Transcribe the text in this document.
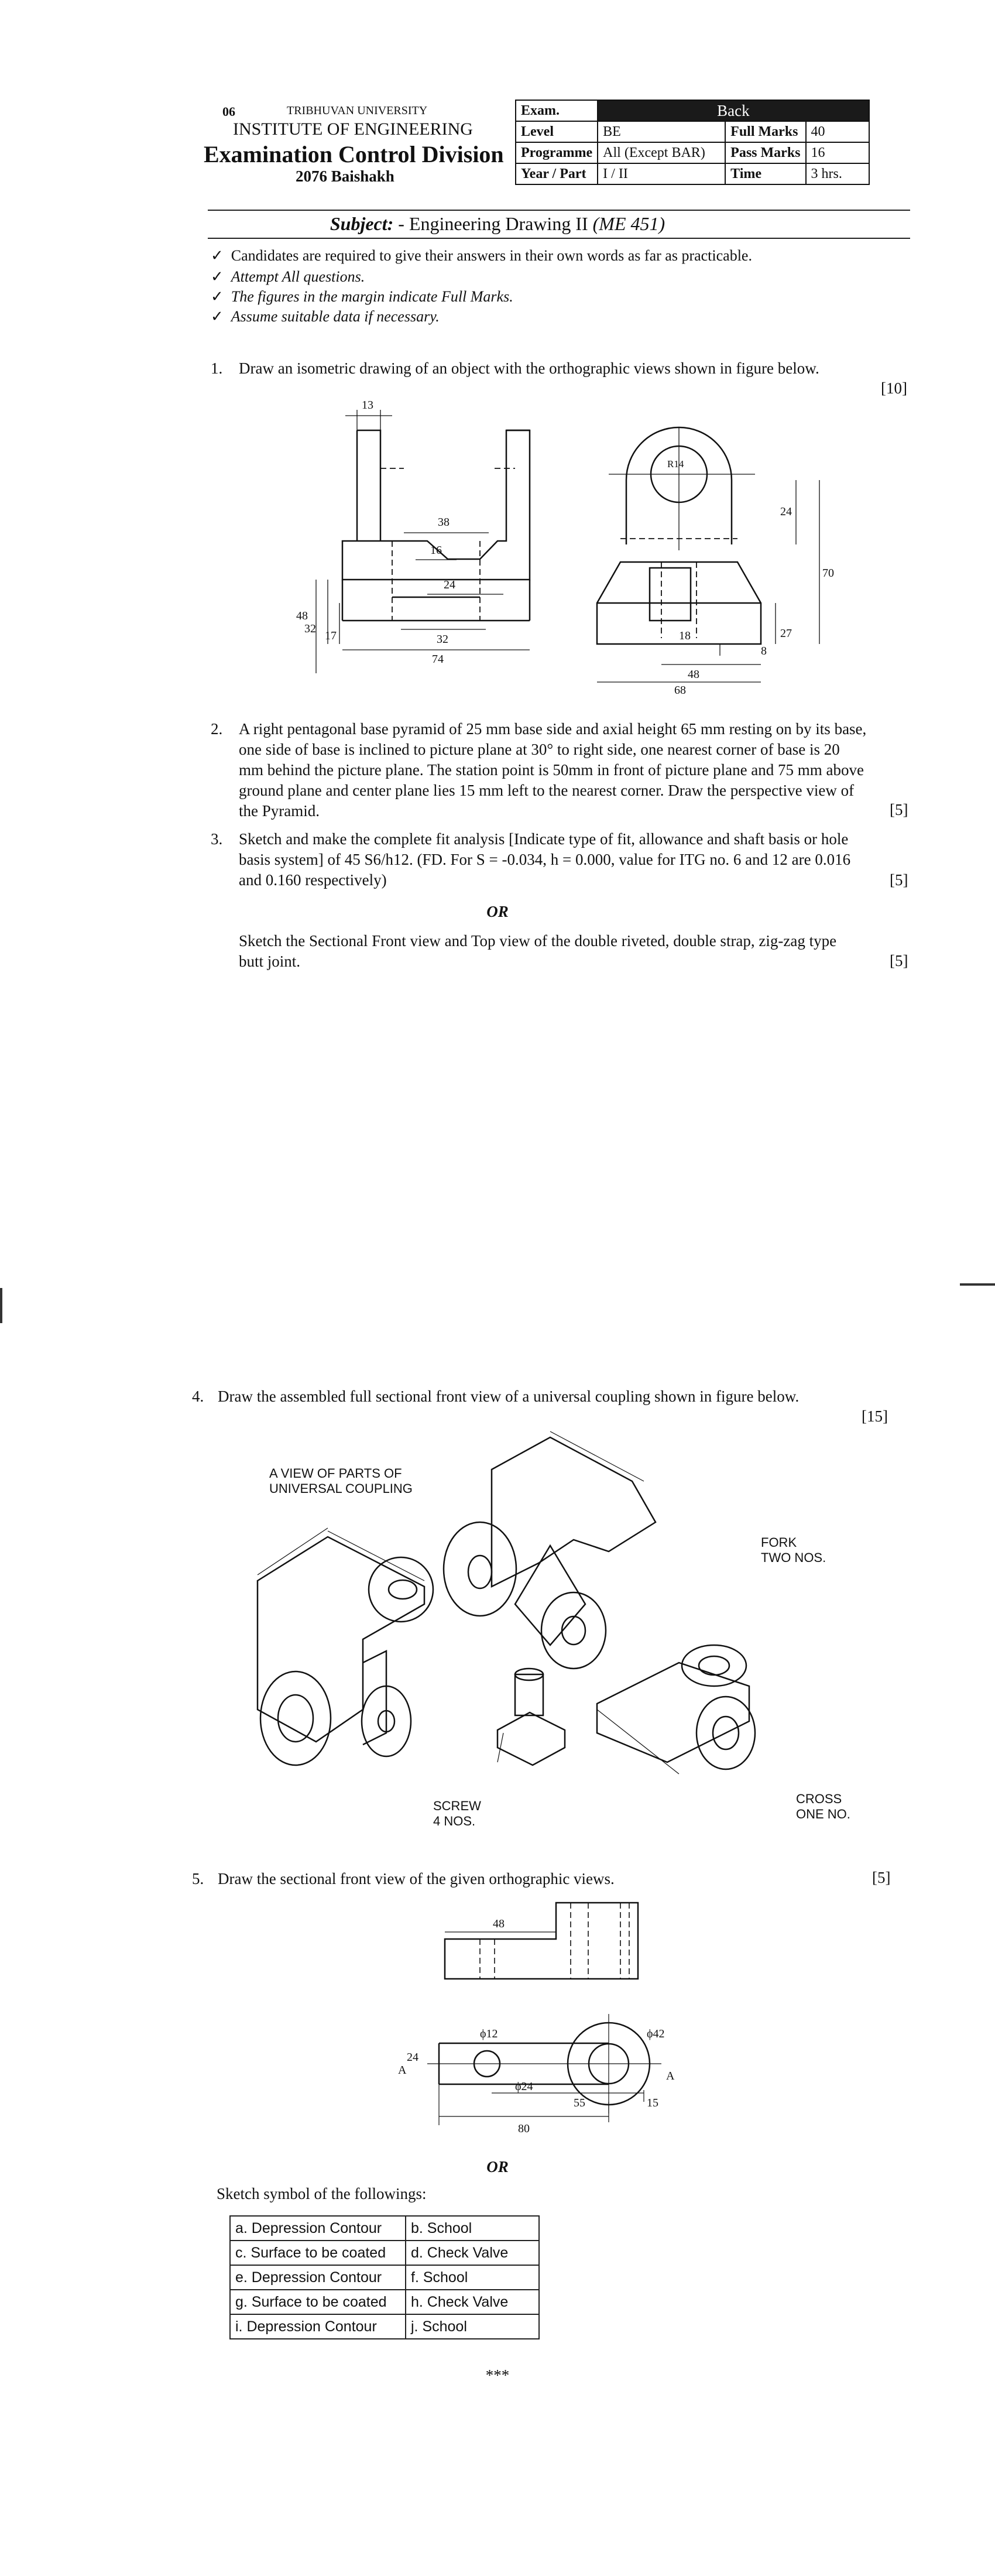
06	TRIBHUVAN UNIVERSITY
INSTITUTE OF ENGINEERING
Examination Control Division
2076 Baishakh
Exam.	Back		
Level	BE	Full Marks	40
Programme	All (Except BAR)	Pass Marks	16
Year / Part	I / II	Time	3 hrs.
Subject: - Engineering Drawing II (ME 451)
✓ Candidates are required to give their answers in their own words as far as practicable.
✓ Attempt All questions.
✓ The figures in the margin indicate Full Marks.
✓ Assume suitable data if necessary.
1. Draw an isometric drawing of an object with the orthographic views shown in figure below.
[10]
13
38
16
24
32
74
48
32
17
24
70
27
8
18
48
68
R14
2. A right pentagonal base pyramid of 25 mm base side and axial height 65 mm resting on by its base, one side of base is inclined to picture plane at 30° to right side, one nearest corner of base is 20 mm behind the picture plane. The station point is 50mm in front of picture plane and 75 mm above ground plane and center plane lies 15 mm left to the nearest corner. Draw the perspective view of the Pyramid.	[5]
3. Sketch and make the complete fit analysis [Indicate type of fit, allowance and shaft basis or hole basis system] of 45 S6/h12. (FD. For S = -0.034, h = 0.000, value for ITG no. 6 and 12 are 0.016 and 0.160 respectively)	[5]
OR
Sketch the Sectional Front view and Top view of the double riveted, double strap, zig-zag type butt joint.	[5]
4. Draw the assembled full sectional front view of a universal coupling shown in figure below.
[15]
A VIEW OF PARTS OF
UNIVERSAL COUPLING
FORK
TWO NOS.
SCREW
4 NOS.
CROSS
ONE NO.
5. Draw the sectional front view of the given orthographic views.	[5]
48
ϕ12	ϕ42
24
ϕ24
55
80
15
A	A
OR
Sketch symbol of the followings:
a. Depression Contour	b. School
c. Surface to be coated	d. Check Valve
e. Depression Contour	f. School
g. Surface to be coated	h. Check Valve
i. Depression Contour	j. School
***
